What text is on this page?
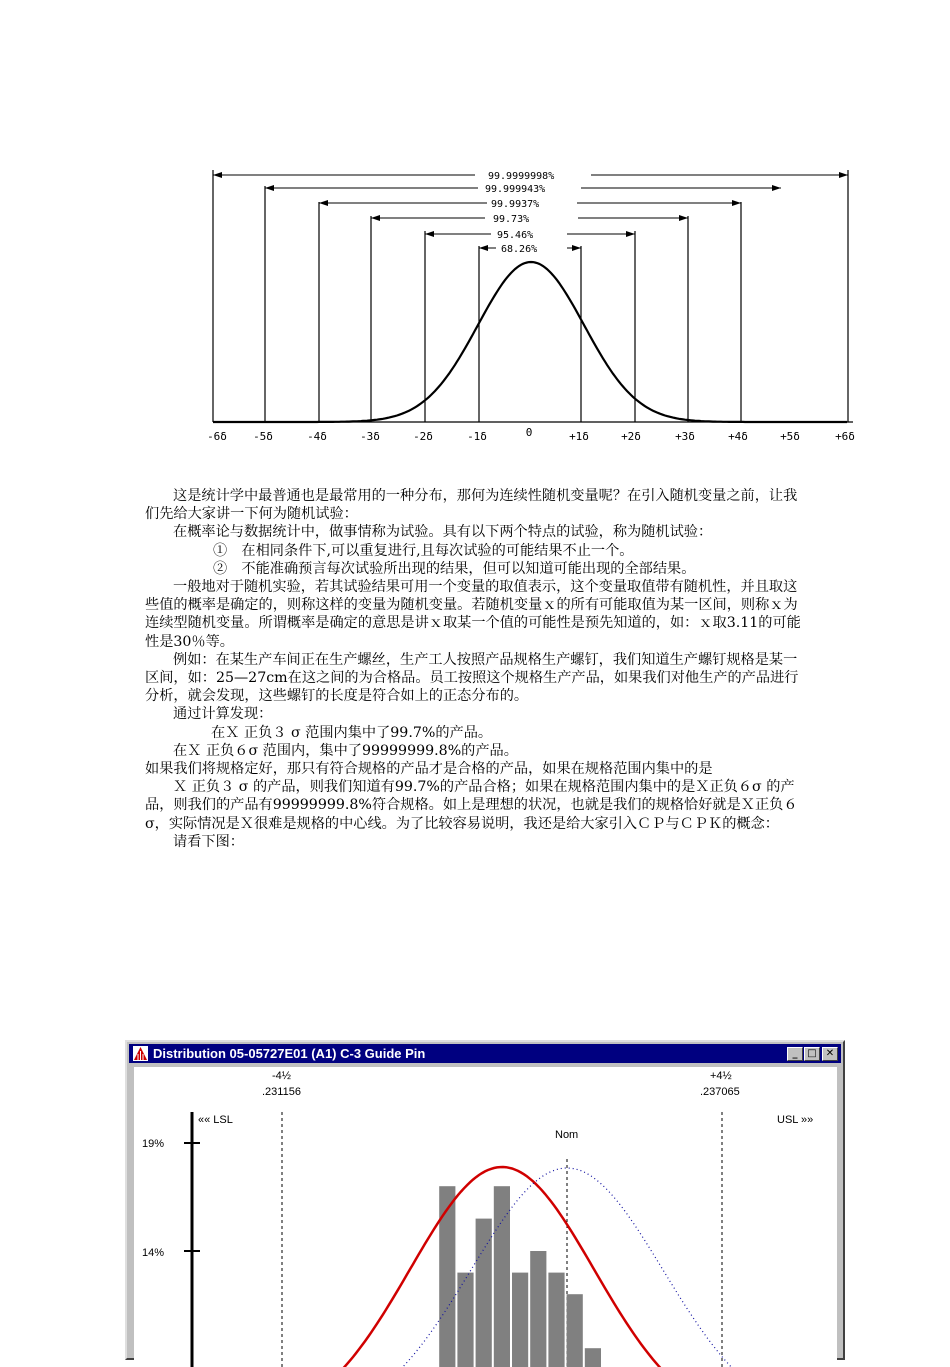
99.9999998%
99.999943%
99.9937%
99.73%
95.46%
68.26%
-6δ -5δ	-4δ	-3δ	-2δ	-1δ	0	+1δ	+2δ	+3δ	+4δ	+5δ	+6δ

这是统计学中最普通也是最常用的一种分布，那何为连续性随机变量呢？在引入随机变量之前，让我们先给大家讲一下何为随机试验：

在概率论与数据统计中，做事情称为试验。具有以下两个特点的试验，称为随机试验：

①　在相同条件下,可以重复进行,且每次试验的可能结果不止一个。

②　不能准确预言每次试验所出现的结果，但可以知道可能出现的全部结果。

一般地对于随机实验，若其试验结果可用一个变量的取值表示，这个变量取值带有随机性，并且取这些值的概率是确定的，则称这样的变量为随机变量。若随机变量ｘ的所有可能取值为某一区间，则称ｘ为连续型随机变量。所谓概率是确定的意思是讲ｘ取某一个值的可能性是预先知道的，如：ｘ取3.11的可能性是30％等。

例如：在某生产车间正在生产螺丝，生产工人按照产品规格生产螺钉，我们知道生产螺钉规格是某一区间，如：25—27cm在这之间的为合格品。员工按照这个规格生产产品，如果我们对他生产的产品进行分析，就会发现，这些螺钉的长度是符合如上的正态分布的。

通过计算发现：

在Ｘ 正负３ σ 范围内集中了99.7%的产品。

在Ｘ 正负６σ 范围内，集中了99999999.8%的产品。

如果我们将规格定好，那只有符合规格的产品才是合格的产品，如果在规格范围内集中的是

Ｘ 正负３ σ 的产品，则我们知道有99.7%的产品合格；如果在规格范围内集中的是Ｘ正负６σ 的产品，则我们的产品有99999999.8%符合规格。如上是理想的状况，也就是我们的规格恰好就是Ｘ正负６σ，实际情况是Ｘ很难是规格的中心线。为了比较容易说明，我还是给大家引入ＣＰ与ＣＰＫ的概念：

请看下图：

Distribution 05-05727E01 (A1) C-3 Guide Pin	_ □ ✕
-4½
.231156
+4½
.237065
«« LSL	USL »»
Nom
19%
14%
